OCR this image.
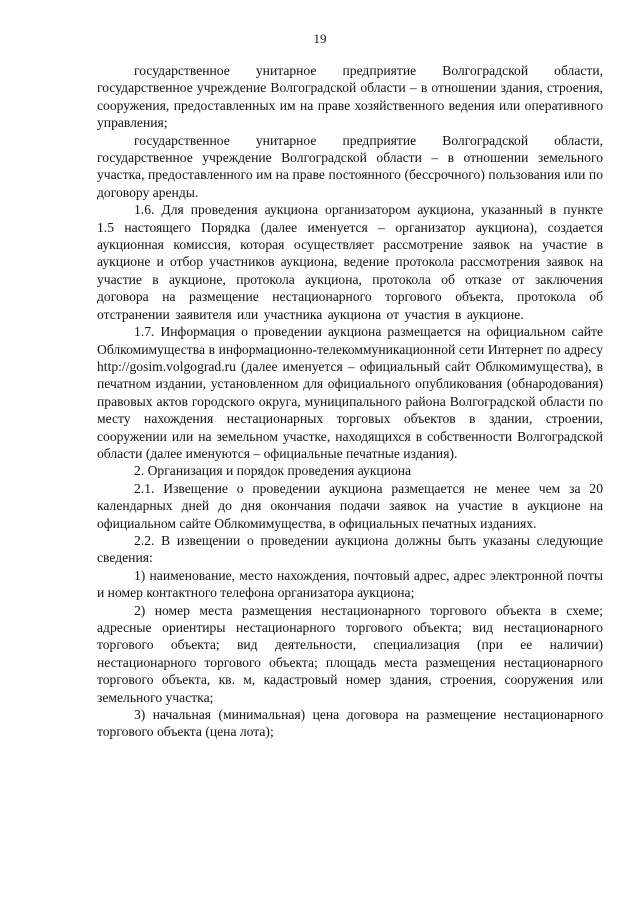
19

государственное унитарное предприятие Волгоградской области, государственное учреждение Волгоградской области – в отношении здания, строения, сооружения, предоставленных им на праве хозяйственного ведения или оперативного управления;

государственное унитарное предприятие Волгоградской области, государственное учреждение Волгоградской области – в отношении земельного участка, предоставленного им на праве постоянного (бессрочного) пользования или по договору аренды.

1.6. Для проведения аукциона организатором аукциона, указанный в пункте 1.5 настоящего Порядка (далее именуется – организатор аукциона), создается аукционная комиссия, которая осуществляет рассмотрение заявок на участие в аукционе и отбор участников аукциона, ведение протокола рассмотрения заявок на участие в аукционе, протокола аукциона, протокола об отказе от заключения договора на размещение нестационарного торгового объекта, протокола об отстранении заявителя или участника аукциона от участия в аукционе.

1.7. Информация о проведении аукциона размещается на официальном сайте Облкомимущества в информационно-телекоммуникационной сети Интернет по адресу http://gosim.volgograd.ru (далее именуется – официальный сайт Облкомимущества), в печатном издании, установленном для официального опубликования (обнародования) правовых актов городского округа, муниципального района Волгоградской области по месту нахождения нестационарных торговых объектов в здании, строении, сооружении или на земельном участке, находящихся в собственности Волгоградской области (далее именуются – официальные печатные издания).

2. Организация и порядок проведения аукциона

2.1. Извещение о проведении аукциона размещается не менее чем за 20 календарных дней до дня окончания подачи заявок на участие в аукционе на официальном сайте Облкомимущества, в официальных печатных изданиях.

2.2. В извещении о проведении аукциона должны быть указаны следующие сведения:

1) наименование, место нахождения, почтовый адрес, адрес электронной почты и номер контактного телефона организатора аукциона;

2) номер места размещения нестационарного торгового объекта в схеме; адресные ориентиры нестационарного торгового объекта; вид нестационарного торгового объекта; вид деятельности, специализация (при ее наличии) нестационарного торгового объекта; площадь места размещения нестационарного торгового объекта, кв. м, кадастровый номер здания, строения, сооружения или земельного участка;

3) начальная (минимальная) цена договора на размещение нестационарного торгового объекта (цена лота);
